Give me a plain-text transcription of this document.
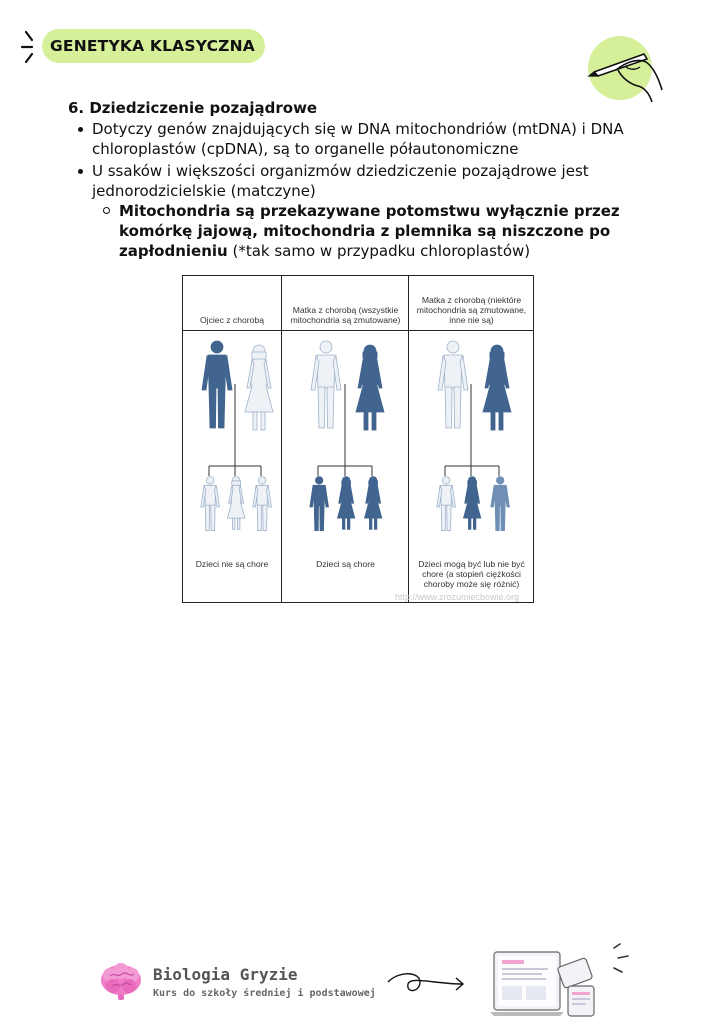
GENETYKA KLASYCZNA
6. Dziedziczenie pozajądrowe
Dotyczy genów znajdujących się w DNA mitochondriów (mtDNA) i DNA chloroplastów (cpDNA), są to organelle półautonomiczne
U ssaków i większości organizmów dziedziczenie pozajądrowe jest jednorodzicielskie (matczyne)
Mitochondria są przekazywane potomstwu wyłącznie przez komórkę jajową, mitochondria z plemnika są niszczone po zapłodnieniu (*tak samo w przypadku chloroplastów)
Ojciec z chorobą
Dzieci nie są chore
Matka z chorobą (wszystkie mitochondria są zmutowane)
Dzieci są chore
Matka z chorobą (niektóre mitochondria są zmutowane, inne nie są)
Dzieci mogą być lub nie być chore (a stopień ciężkości choroby może się różnić)
http://www.zrozumiecbowie.org
Biologia Gryzie
Kurs do szkoły średniej i podstawowej
